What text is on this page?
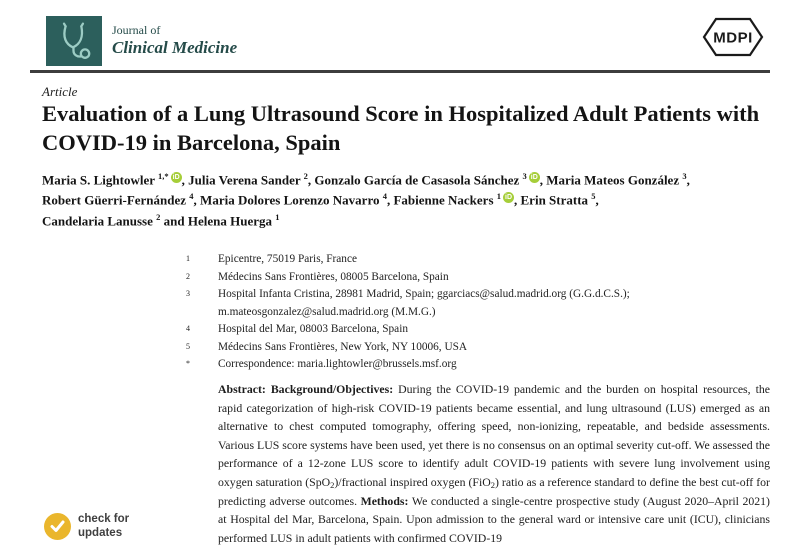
Journal of
Clinical Medicine
MDPI
Article
Evaluation of a Lung Ultrasound Score in Hospitalized Adult Patients with COVID-19 in Barcelona, Spain
Maria S. Lightowler $^{1,*}$ iD , Julia Verena Sander $^2$, Gonzalo García de Casasola Sánchez $^3$ iD , Maria Mateos González $^3$,
Robert Güerri-Fernández $^4$, Maria Dolores Lorenzo Navarro $^4$, Fabienne Nackers $^1$ iD , Erin Stratta $^5$,
Candelaria Lanusse $^2$ and Helena Huerga $^1$
1	Epicentre, 75019 Paris, France
2	Médecins Sans Frontières, 08005 Barcelona, Spain
3	Hospital Infanta Cristina, 28981 Madrid, Spain; ggarciacs@salud.madrid.org (G.G.d.C.S.); m.mateosgonzalez@salud.madrid.org (M.M.G.)
4	Hospital del Mar, 08003 Barcelona, Spain
5	Médecins Sans Frontières, New York, NY 10006, USA
*	Correspondence: maria.lightowler@brussels.msf.org

Abstract: Background/Objectives: During the COVID-19 pandemic and the burden on hospital resources, the rapid categorization of high-risk COVID-19 patients became essential, and lung ultrasound (LUS) emerged as an alternative to chest computed tomography, offering speed, non-ionizing, repeatable, and bedside assessments. Various LUS score systems have been used, yet there is no consensus on an optimal severity cut-off. We assessed the performance of a 12-zone LUS score to identify adult COVID-19 patients with severe lung involvement using oxygen saturation (SpO2)/fractional inspired oxygen (FiO2) ratio as a reference standard to define the best cut-off for predicting adverse outcomes. Methods: We conducted a single-centre prospective study (August 2020–April 2021) at Hospital del Mar, Barcelona, Spain. Upon admission to the general ward or intensive care unit (ICU), clinicians performed LUS in adult patients with confirmed COVID-19

check for
updates
